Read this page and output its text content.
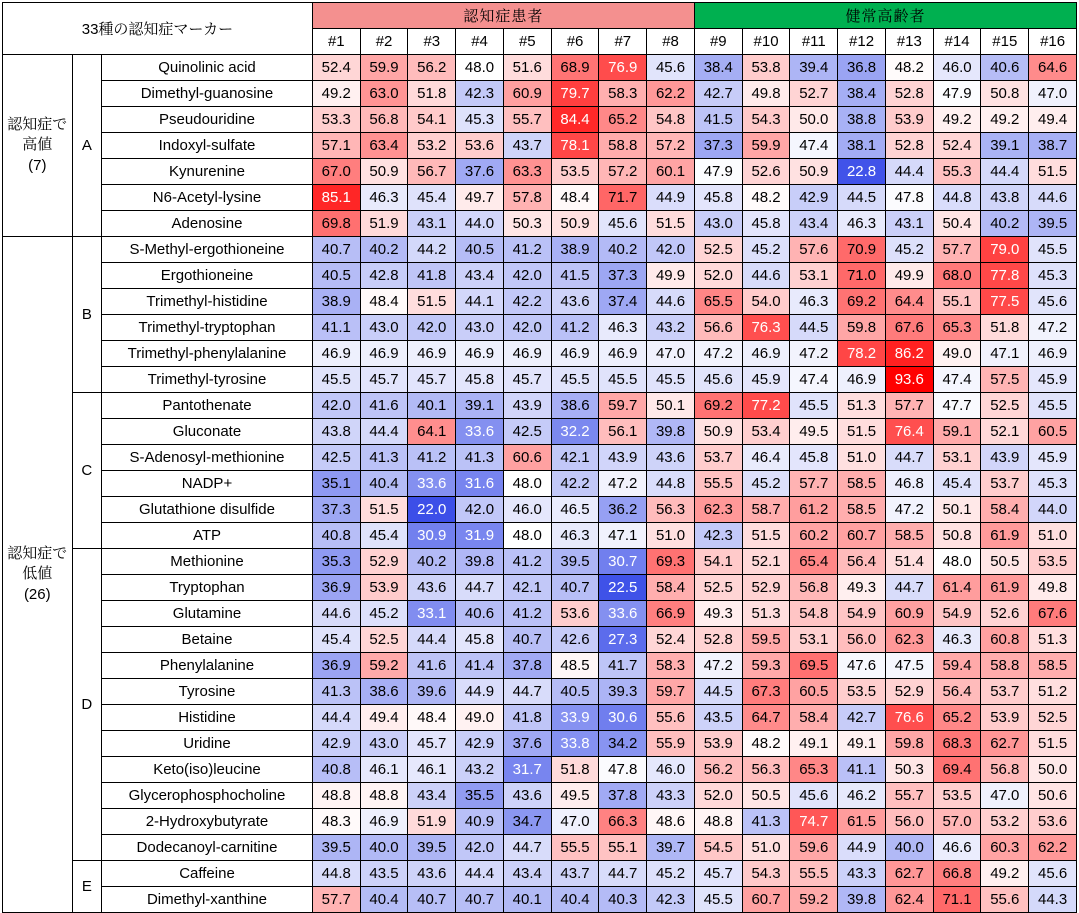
33種の認知症マーカー			認知症患者								健常高齢者							
			#1	#2	#3	#4	#5	#6	#7	#8	#9	#10	#11	#12	#13	#14	#15	#16

認知症で
高値
(7)	A	Quinolinic acid	52.4	59.9	56.2	48.0	51.6	68.9	76.9	45.6	38.4	53.8	39.4	36.8	48.2	46.0	40.6	64.6
		Dimethyl-guanosine	49.2	63.0	51.8	42.3	60.9	79.7	58.3	62.2	42.7	49.8	52.7	38.4	52.8	47.9	50.8	47.0
		Pseudouridine	53.3	56.8	54.1	45.3	55.7	84.4	65.2	54.8	41.5	54.3	50.0	38.8	53.9	49.2	49.2	49.4
		Indoxyl-sulfate	57.1	63.4	53.2	53.6	43.7	78.1	58.8	57.2	37.3	59.9	47.4	38.1	52.8	52.4	39.1	38.7
		Kynurenine	67.0	50.9	56.7	37.6	63.3	53.5	57.2	60.1	47.9	52.6	50.9	22.8	44.4	55.3	44.4	51.5
		N6-Acetyl-lysine	85.1	46.3	45.4	49.7	57.8	48.4	71.7	44.9	45.8	48.2	42.9	44.5	47.8	44.8	43.8	44.6
		Adenosine	69.8	51.9	43.1	44.0	50.3	50.9	45.6	51.5	43.0	45.8	43.4	46.3	43.1	50.4	40.2	39.5

認知症で
低値
(26)	B	S-Methyl-ergothioneine	40.7	40.2	44.2	40.5	41.2	38.9	40.2	42.0	52.5	45.2	57.6	70.9	45.2	57.7	79.0	45.5
		Ergothioneine	40.5	42.8	41.8	43.4	42.0	41.5	37.3	49.9	52.0	44.6	53.1	71.0	49.9	68.0	77.8	45.3
		Trimethyl-histidine	38.9	48.4	51.5	44.1	42.2	43.6	37.4	44.6	65.5	54.0	46.3	69.2	64.4	55.1	77.5	45.6
		Trimethyl-tryptophan	41.1	43.0	42.0	43.0	42.0	41.2	46.3	43.2	56.6	76.3	44.5	59.8	67.6	65.3	51.8	47.2
		Trimethyl-phenylalanine	46.9	46.9	46.9	46.9	46.9	46.9	46.9	47.0	47.2	46.9	47.2	78.2	86.2	49.0	47.1	46.9
		Trimethyl-tyrosine	45.5	45.7	45.7	45.8	45.7	45.5	45.5	45.5	45.6	45.9	47.4	46.9	93.6	47.4	57.5	45.9
	C	Pantothenate	42.0	41.6	40.1	39.1	43.9	38.6	59.7	50.1	69.2	77.2	45.5	51.3	57.7	47.7	52.5	45.5
		Gluconate	43.8	44.4	64.1	33.6	42.5	32.2	56.1	39.8	50.9	53.4	49.5	51.5	76.4	59.1	52.1	60.5
		S-Adenosyl-methionine	42.5	41.3	41.2	41.3	60.6	42.1	43.9	43.6	53.7	46.4	45.8	51.0	44.7	53.1	43.9	45.9
		NADP+	35.1	40.4	33.6	31.6	48.0	42.2	47.2	44.8	55.5	45.2	57.7	58.5	46.8	45.4	53.7	45.3
		Glutathione disulfide	37.3	51.5	22.0	42.0	46.0	46.5	36.2	56.3	62.3	58.7	61.2	58.5	47.2	50.1	58.4	44.0
		ATP	40.8	45.4	30.9	31.9	48.0	46.3	47.1	51.0	42.3	51.5	60.2	60.7	58.5	50.8	61.9	51.0
	D	Methionine	35.3	52.9	40.2	39.8	41.2	39.5	30.7	69.3	54.1	52.1	65.4	56.4	51.4	48.0	50.5	53.5
		Tryptophan	36.9	53.9	43.6	44.7	42.1	40.7	22.5	58.4	52.5	52.9	56.8	49.3	44.7	61.4	61.9	49.8
		Glutamine	44.6	45.2	33.1	40.6	41.2	53.6	33.6	66.9	49.3	51.3	54.8	54.9	60.9	54.9	52.6	67.6
		Betaine	45.4	52.5	44.4	45.8	40.7	42.6	27.3	52.4	52.8	59.5	53.1	56.0	62.3	46.3	60.8	51.3
		Phenylalanine	36.9	59.2	41.6	41.4	37.8	48.5	41.7	58.3	47.2	59.3	69.5	47.6	47.5	59.4	58.8	58.5
		Tyrosine	41.3	38.6	39.6	44.9	44.7	40.5	39.3	59.7	44.5	67.3	60.5	53.5	52.9	56.4	53.7	51.2
		Histidine	44.4	49.4	48.4	49.0	41.8	33.9	30.6	55.6	43.5	64.7	58.4	42.7	76.6	65.2	53.9	52.5
		Uridine	42.9	43.0	45.7	42.9	37.6	33.8	34.2	55.9	53.9	48.2	49.1	49.1	59.8	68.3	62.7	51.5
		Keto(iso)leucine	40.8	46.1	46.1	43.2	31.7	51.8	47.8	46.0	56.2	56.3	65.3	41.1	50.3	69.4	56.8	50.0
		Glycerophosphocholine	48.8	48.8	43.4	35.5	43.6	49.5	37.8	43.3	52.0	50.5	45.6	46.2	55.7	53.5	47.0	50.6
		2-Hydroxybutyrate	48.3	46.9	51.9	40.9	34.7	47.0	66.3	48.6	48.8	41.3	74.7	61.5	56.0	57.0	53.2	53.6
		Dodecanoyl-carnitine	39.5	40.0	39.5	42.0	44.7	55.5	55.1	39.7	54.5	51.0	59.6	44.9	40.0	46.6	60.3	62.2
	E	Caffeine	44.8	43.5	43.6	44.4	43.4	43.7	44.7	45.2	45.7	54.3	55.5	43.3	62.7	66.8	49.2	45.6
		Dimethyl-xanthine	57.7	40.4	40.7	40.7	40.1	40.4	40.3	42.3	45.5	60.7	59.2	39.8	62.4	71.1	55.6	44.3
